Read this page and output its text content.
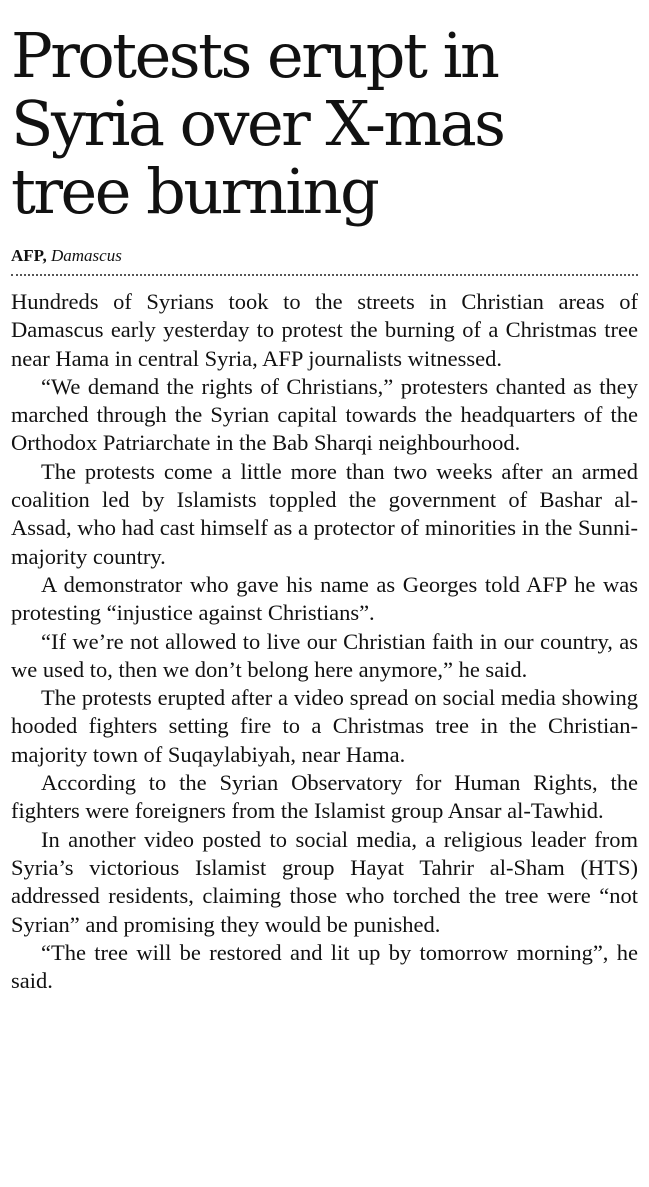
Protests erupt in
Syria over X-mas
tree burning
AFP, Damascus

Hundreds of Syrians took to the streets in Christian areas of Damascus early yesterday to protest the burning of a Christmas tree near Hama in central Syria, AFP journalists witnessed.

“We demand the rights of Christians,” protesters chanted as they marched through the Syrian capital towards the headquarters of the Orthodox Patriarchate in the Bab Sharqi neighbourhood.

The protests come a little more than two weeks after an armed coalition led by Islamists toppled the government of Bashar al-Assad, who had cast himself as a protector of minorities in the Sunni-majority country.

A demonstrator who gave his name as Georges told AFP he was protesting “injustice against Christians”.

“If we’re not allowed to live our Christian faith in our country, as we used to, then we don’t belong here anymore,” he said.

The protests erupted after a video spread on social media showing hooded fighters setting fire to a Christmas tree in the Christian-majority town of Suqaylabiyah, near Hama.

According to the Syrian Observatory for Human Rights, the fighters were foreigners from the Islamist group Ansar al-Tawhid.

In another video posted to social media, a religious leader from Syria’s victorious Islamist group Hayat Tahrir al-Sham (HTS) addressed residents, claiming those who torched the tree were “not Syrian” and promising they would be punished.

“The tree will be restored and lit up by tomorrow morning”, he said.
